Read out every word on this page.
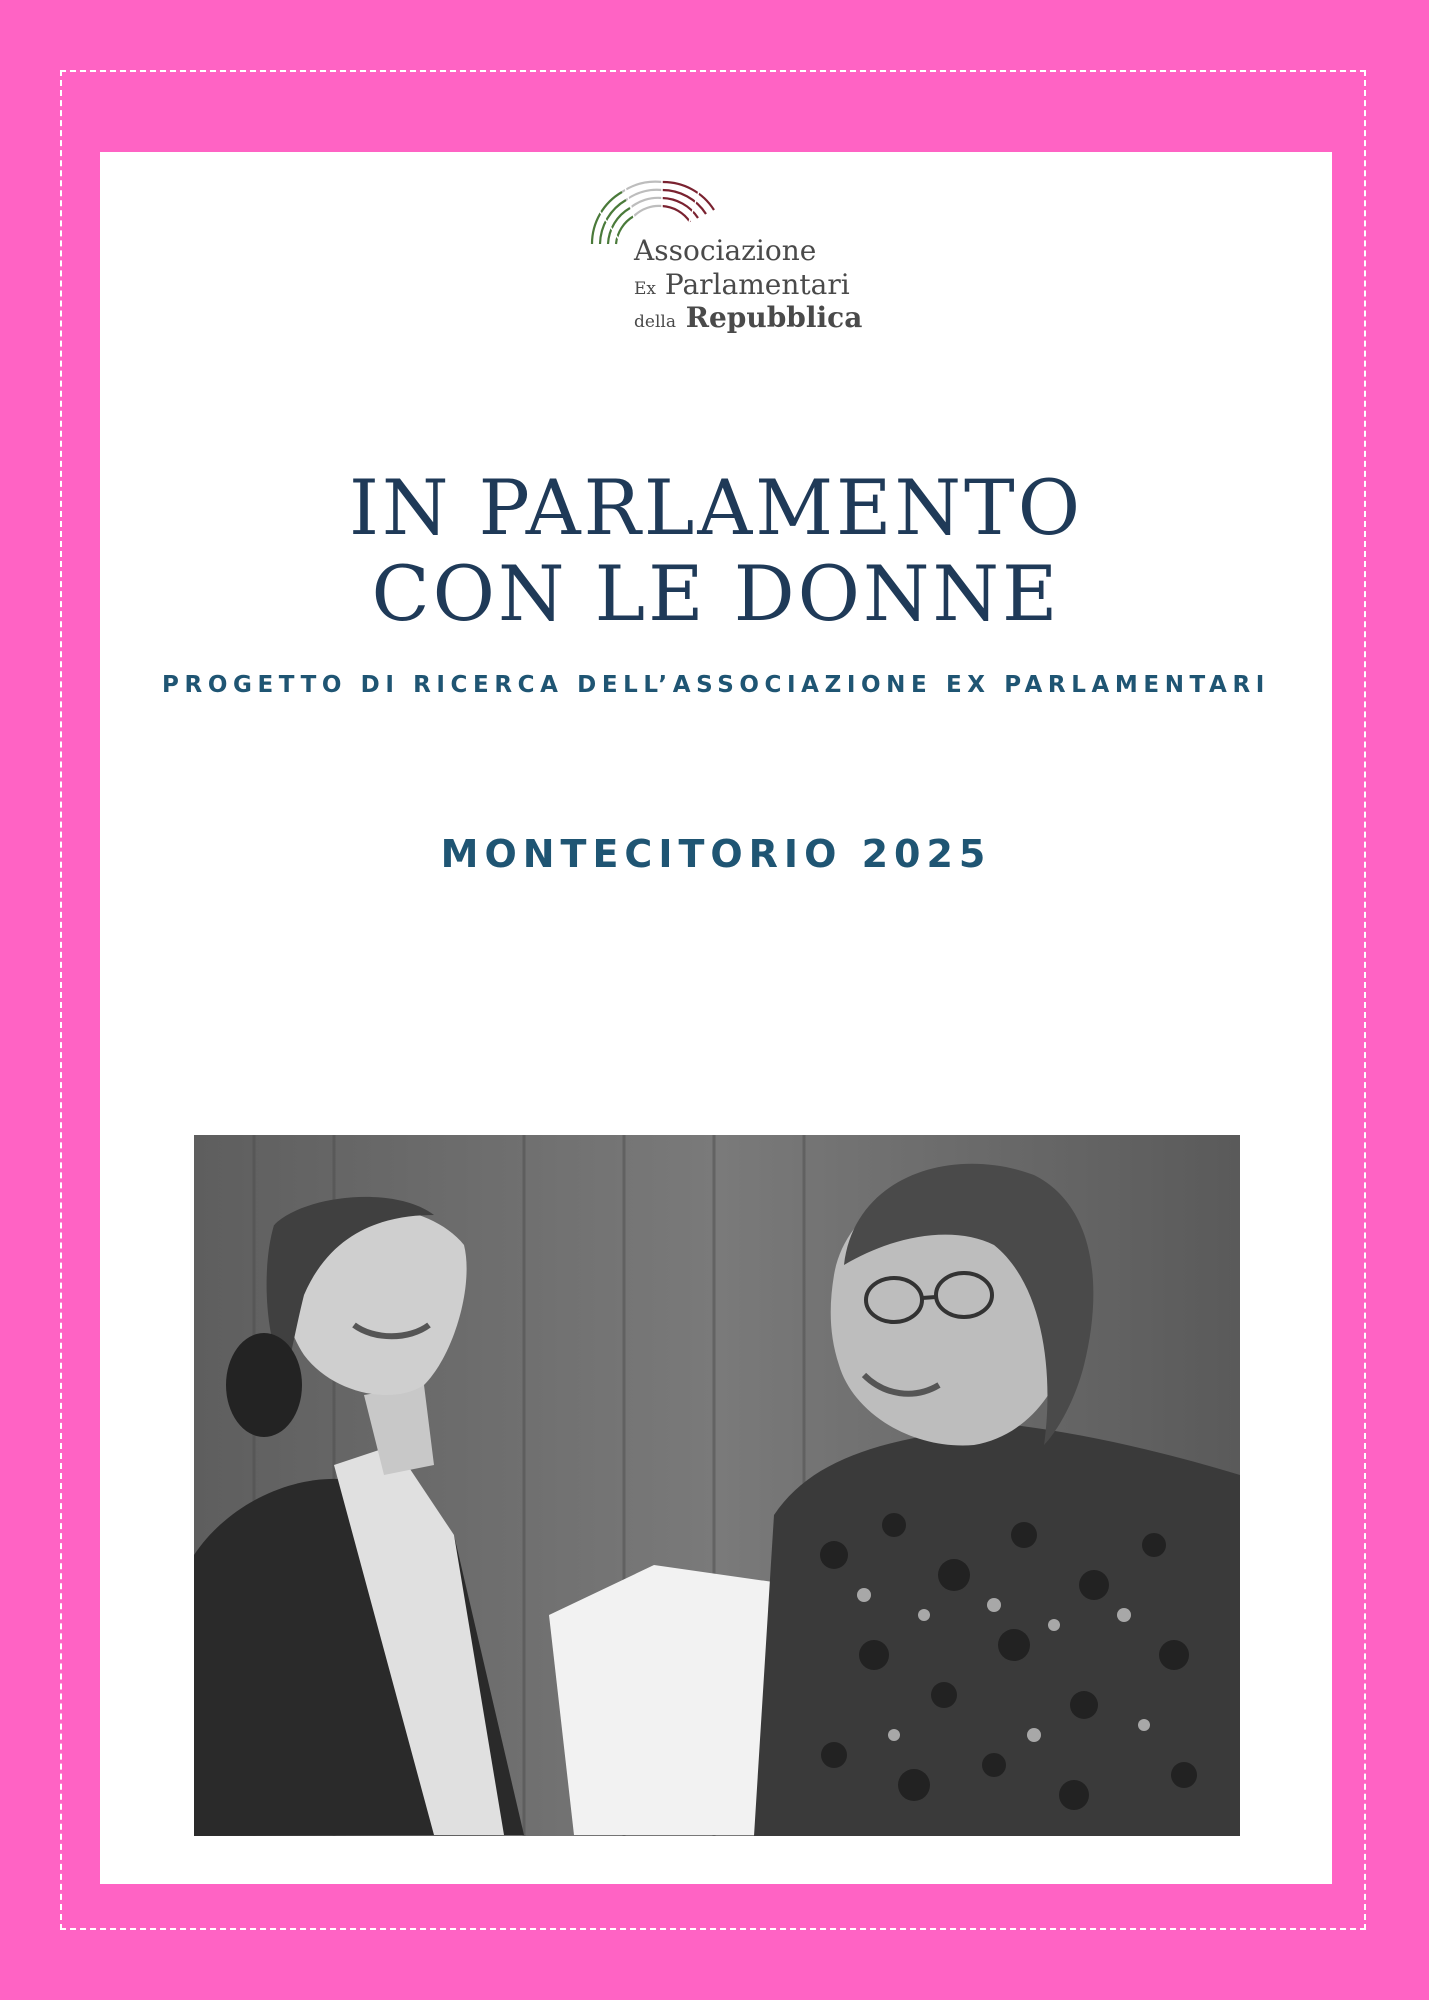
Associazione
Ex Parlamentari
della Repubblica
IN PARLAMENTO
CON LE DONNE
PROGETTO DI RICERCA DELL’ASSOCIAZIONE EX PARLAMENTARI
MONTECITORIO 2025
